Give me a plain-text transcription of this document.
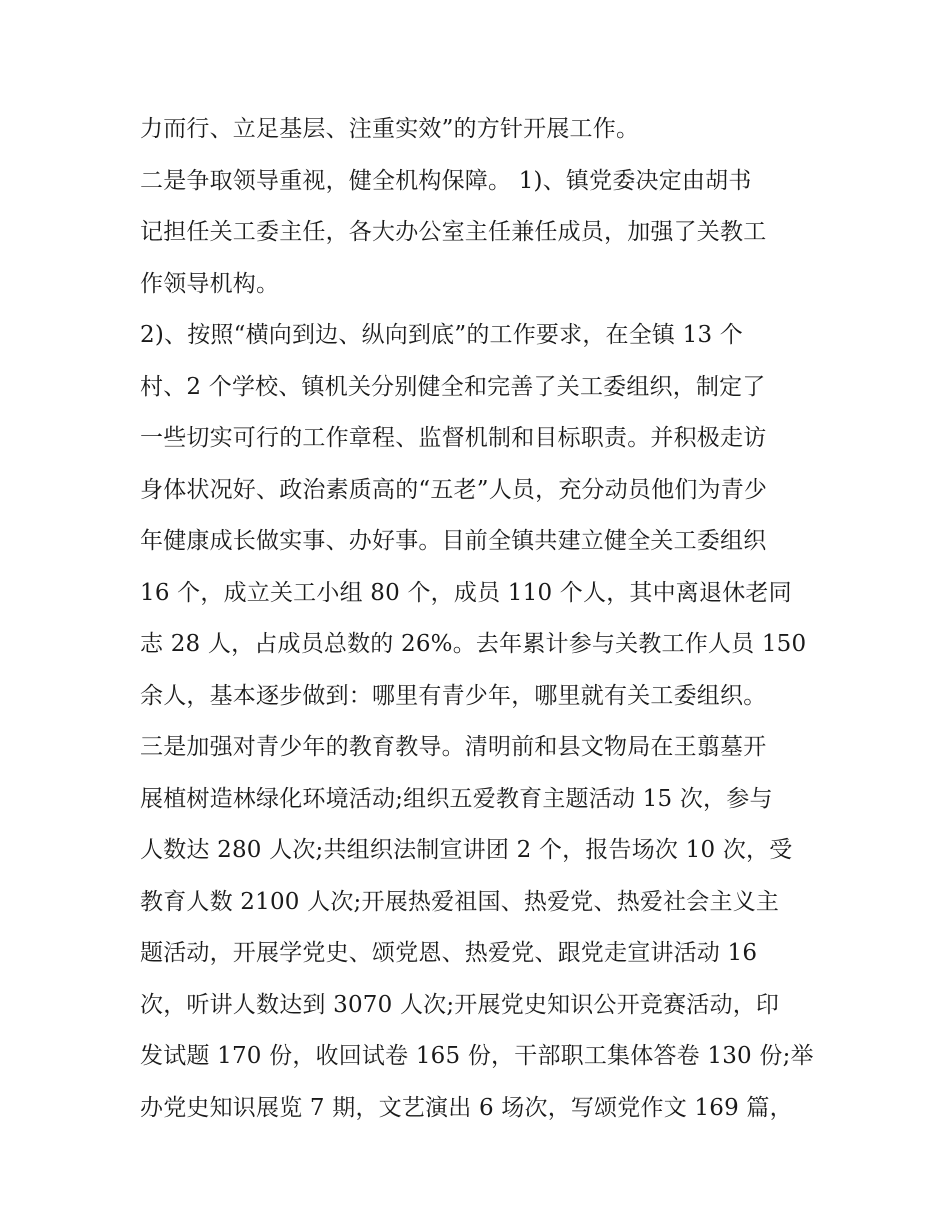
力而行、立足基层、注重实效”的方针开展工作。
二是争取领导重视，健全机构保障。 1)、镇党委决定由胡书
记担任关工委主任，各大办公室主任兼任成员，加强了关教工
作领导机构。
2)、按照“横向到边、纵向到底”的工作要求，在全镇 13 个
村、2 个学校、镇机关分别健全和完善了关工委组织，制定了
一些切实可行的工作章程、监督机制和目标职责。并积极走访
身体状况好、政治素质高的“五老”人员，充分动员他们为青少
年健康成长做实事、办好事。目前全镇共建立健全关工委组织
16 个，成立关工小组 80 个，成员 110 个人，其中离退休老同
志 28 人，占成员总数的 26%。去年累计参与关教工作人员 150
余人，基本逐步做到：哪里有青少年，哪里就有关工委组织。
三是加强对青少年的教育教导。清明前和县文物局在王翦墓开
展植树造林绿化环境活动;组织五爱教育主题活动 15 次，参与
人数达 280 人次;共组织法制宣讲团 2 个，报告场次 10 次，受
教育人数 2100 人次;开展热爱祖国、热爱党、热爱社会主义主
题活动，开展学党史、颂党恩、热爱党、跟党走宣讲活动 16
次，听讲人数达到 3070 人次;开展党史知识公开竞赛活动，印
发试题 170 份，收回试卷 165 份，干部职工集体答卷 130 份;举
办党史知识展览 7 期，文艺演出 6 场次，写颂党作文 169 篇，
